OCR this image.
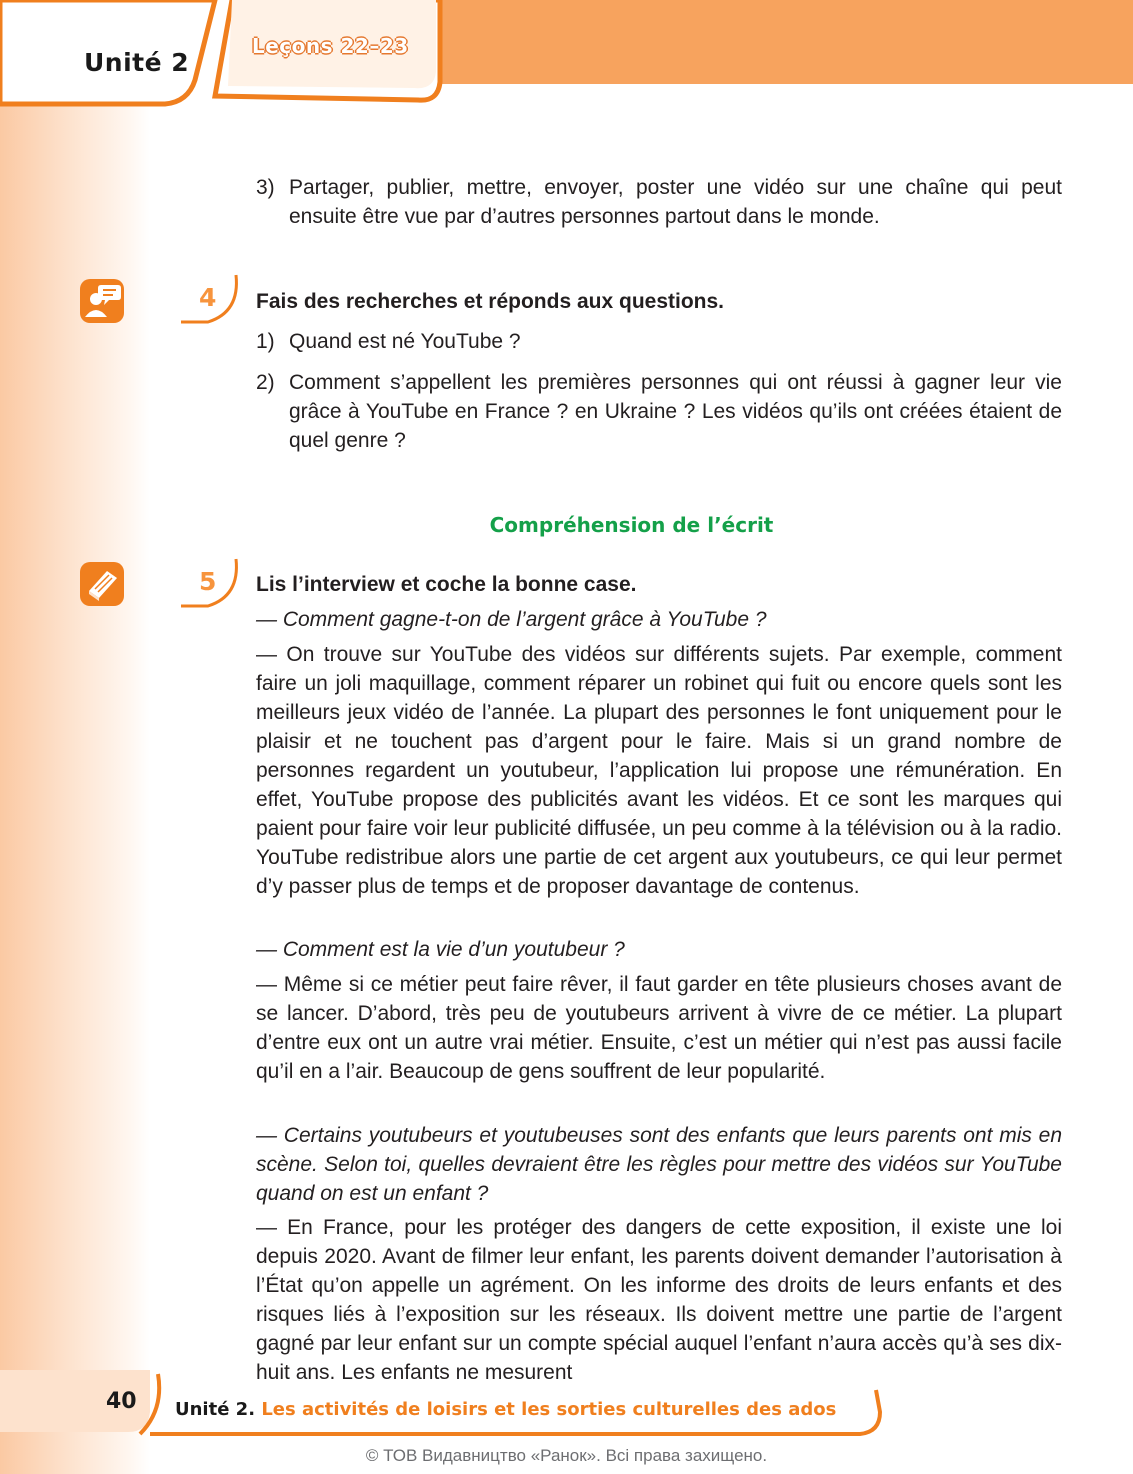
Unité 2
Leçons 22–23
3) Partager, publier, mettre, envoyer, poster une vidéo sur une chaîne qui peut ensuite être vue par d’autres personnes partout dans le monde.
4 Fais des recherches et réponds aux questions.
1) Quand est né YouTube ?
2) Comment s’appellent les premières personnes qui ont réussi à gagner leur vie grâce à YouTube en France ? en Ukraine ? Les vidéos qu’ils ont créées étaient de quel genre ?
Compréhension de l’écrit
5 Lis l’interview et coche la bonne case.
— Comment gagne-t-on de l’argent grâce à YouTube ?
— On trouve sur YouTube des vidéos sur différents sujets. Par exemple, comment faire un joli maquillage, comment réparer un robinet qui fuit ou encore quels sont les meilleurs jeux vidéo de l’année. La plupart des personnes le font uniquement pour le plaisir et ne touchent pas d’argent pour le faire. Mais si un grand nombre de personnes regardent un youtubeur, l’application lui propose une rémunération. En effet, YouTube propose des publicités avant les vidéos. Et ce sont les marques qui paient pour faire voir leur publicité diffusée, un peu comme à la télévision ou à la radio. YouTube redistribue alors une partie de cet argent aux youtubeurs, ce qui leur permet d’y passer plus de temps et de proposer davantage de contenus.
— Comment est la vie d’un youtubeur ?
— Même si ce métier peut faire rêver, il faut garder en tête plusieurs choses avant de se lancer. D’abord, très peu de youtubeurs arrivent à vivre de ce métier. La plupart d’entre eux ont un autre vrai métier. Ensuite, c’est un métier qui n’est pas aussi facile qu’il en a l’air. Beaucoup de gens souffrent de leur popularité.
— Certains youtubeurs et youtubeuses sont des enfants que leurs parents ont mis en scène. Selon toi, quelles devraient être les règles pour mettre des vidéos sur YouTube quand on est un enfant ?
— En France, pour les protéger des dangers de cette exposition, il existe une loi depuis 2020. Avant de filmer leur enfant, les parents doivent demander l’autorisation à l’État qu’on appelle un agrément. On les informe des droits de leurs enfants et des risques liés à l’exposition sur les réseaux. Ils doivent mettre une partie de l’argent gagné par leur enfant sur un compte spécial auquel l’enfant n’aura accès qu’à ses dix-huit ans. Les enfants ne mesurent
40 Unité 2. Les activités de loisirs et les sorties culturelles des ados
© ТОВ Видавництво «Ранок». Всі права захищено.
